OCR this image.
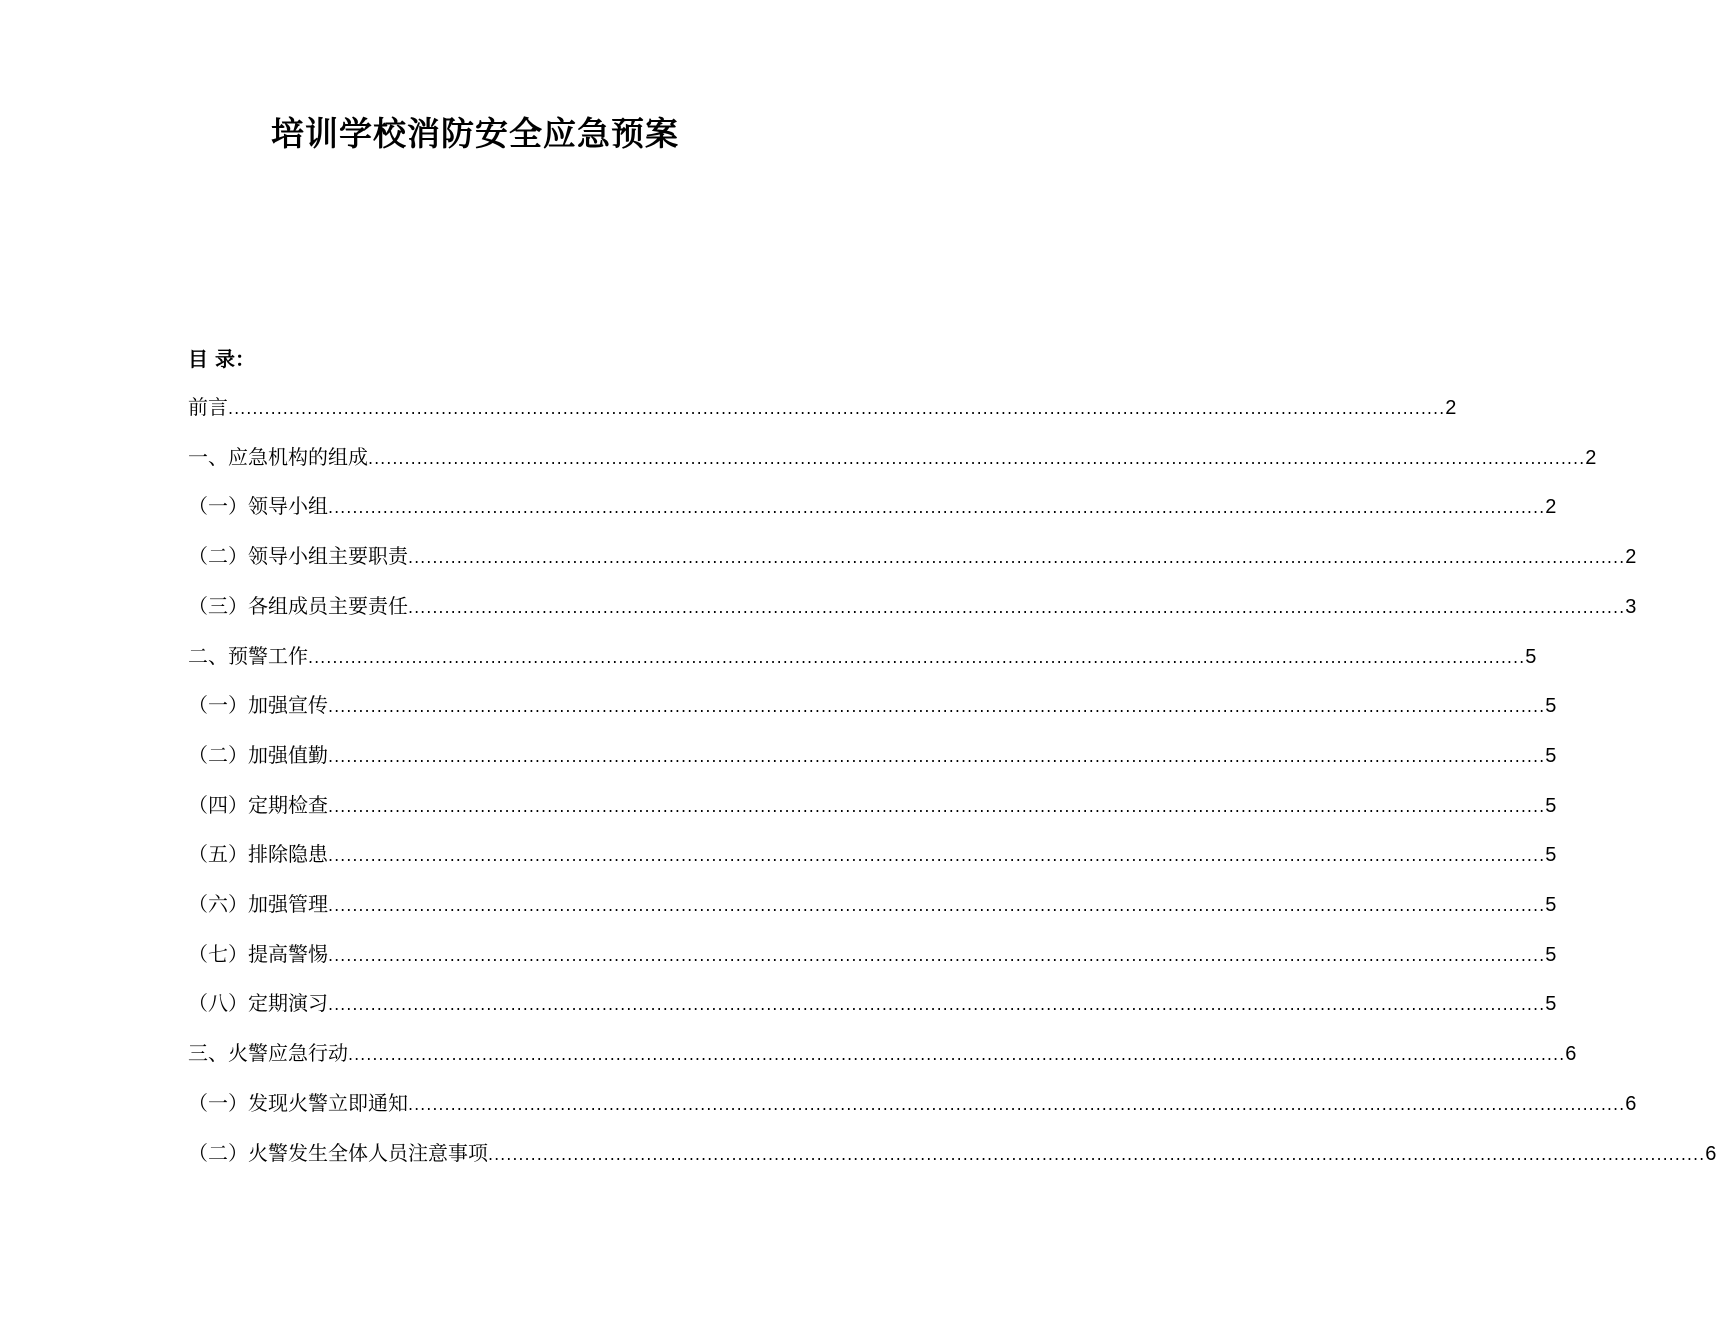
培训学校消防安全应急预案
目 录：
前言 ........................................................................................................................................................................................................ 2
一、应急机构的组成 ........................................................................................................................................................................................................ 2
（一）领导小组 ........................................................................................................................................................................................................ 2
（二）领导小组主要职责 ........................................................................................................................................................................................................ 2
（三）各组成员主要责任 ........................................................................................................................................................................................................ 3
二、预警工作 ........................................................................................................................................................................................................ 5
（一）加强宣传 ........................................................................................................................................................................................................ 5
（二）加强值勤 ........................................................................................................................................................................................................ 5
（四）定期检查 ........................................................................................................................................................................................................ 5
（五）排除隐患 ........................................................................................................................................................................................................ 5
（六）加强管理 ........................................................................................................................................................................................................ 5
（七）提高警惕 ........................................................................................................................................................................................................ 5
（八）定期演习 ........................................................................................................................................................................................................ 5
三、火警应急行动 ........................................................................................................................................................................................................ 6
（一）发现火警立即通知 ........................................................................................................................................................................................................ 6
（二）火警发生全体人员注意事项 ........................................................................................................................................................................................................ 6
